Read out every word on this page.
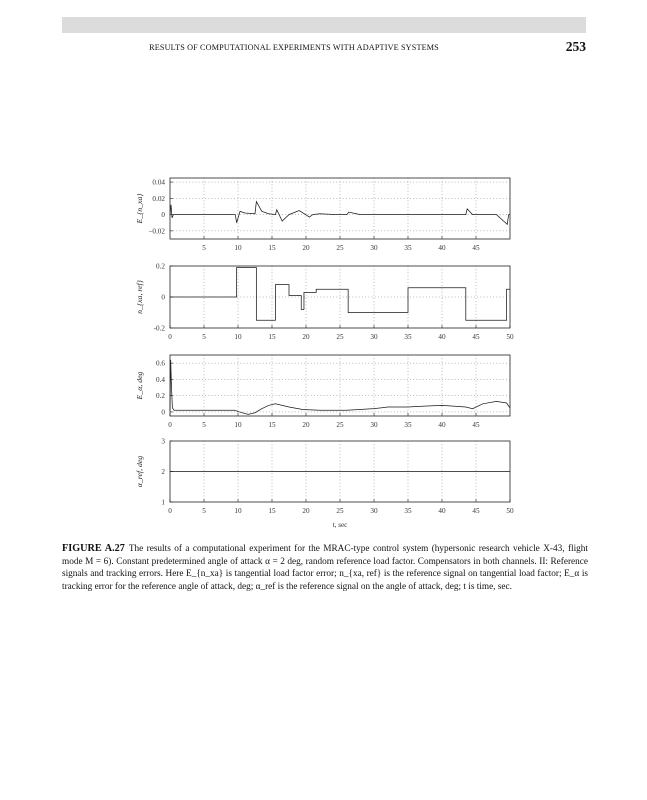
RESULTS OF COMPUTATIONAL EXPERIMENTS WITH ADAPTIVE SYSTEMS	253
5	10	15	20	25	30	35	40	45
0.04
0.02
0
−0.02
E_{n_xa}
0	5	10	15	20	25	30	35	40	45	50
0.2
0
-0.2
n_{xa, ref}
0	5	10	15	20	25	30	35	40	45
0.6
0.4
0.2
0
E_α, deg
0	5	10	15	20	25	30	35	40	45	50
3
2
1
α_ref, deg
t, sec
FIGURE A.27 The results of a computational experiment for the MRAC-type control system (hypersonic research vehicle X-43, flight mode M = 6). Constant predetermined angle of attack α = 2 deg, random reference load factor. Compensators in both channels. II: Reference signals and tracking errors. Here E_{n_xa} is tangential load factor error; n_{xa, ref} is the reference signal on tangential load factor; E_α is tracking error for the reference angle of attack, deg; α_ref is the reference signal on the angle of attack, deg; t is time, sec.
